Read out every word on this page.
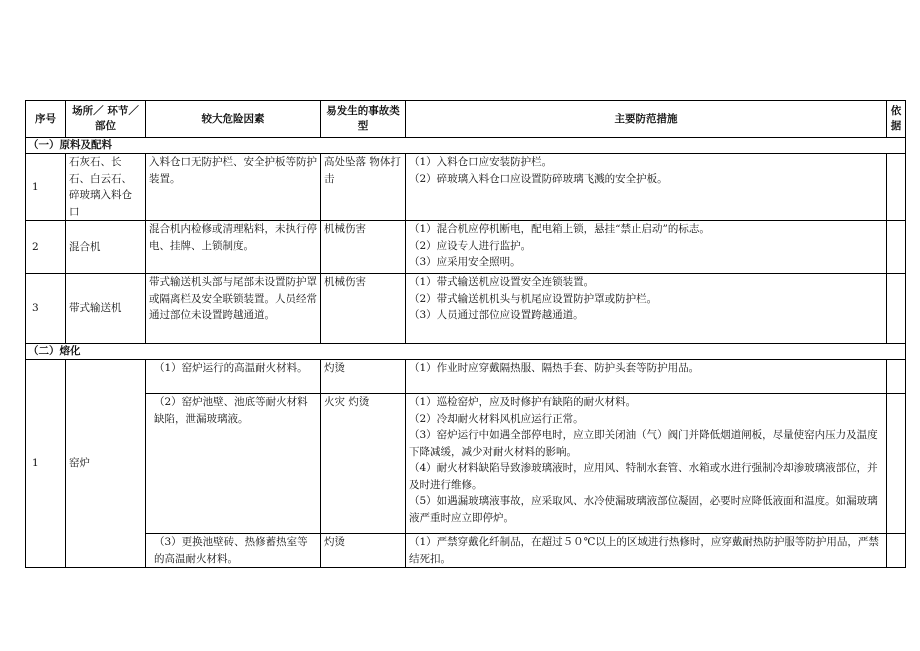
序号	场所／ 环节／ 部位	较大危险因素	易发生的事故类型	主要防范措施	依据
（一）原料及配料					
1	石灰石、长石、白云石、碎玻璃入料仓口	入料仓口无防护栏、安全护板等防护装置。	高处坠落 物体打击	（1）入料仓口应安装防护栏。
（2）碎玻璃入料仓口应设置防碎玻璃飞溅的安全护板。	

2	混合机	混合机内检修或清理粘料，未执行停电、挂牌、上锁制度。	机械伤害	（1）混合机应停机断电，配电箱上锁，悬挂“禁止启动”的标志。
（2）应设专人进行监护。
（3）应采用安全照明。	

3	带式输送机	带式输送机头部与尾部未设置防护罩或隔离栏及安全联锁装置。人员经常通过部位未设置跨越通道。	机械伤害	（1）带式输送机应设置安全连锁装置。
（2）带式输送机机头与机尾应设置防护罩或防护栏。
（3）人员通过部位应设置跨越通道。	

（二）熔化					
1	窑炉	（1）窑炉运行的高温耐火材料。	灼烫	（1）作业时应穿戴隔热服、隔热手套、防护头套等防护用品。	

		（2）窑炉池壁、池底等耐火材料缺陷，泄漏玻璃液。	火灾 灼烫	（1）巡检窑炉，应及时修护有缺陷的耐火材料。
（2）冷却耐火材料风机应运行正常。
（3）窑炉运行中如遇全部停电时，应立即关闭油（气）阀门并降低烟道闸板，尽量使窑内压力及温度下降减缓，减少对耐火材料的影响。
（4）耐火材料缺陷导致渗玻璃液时，应用风、特制水套管、水箱或水进行强制冷却渗玻璃液部位，并及时进行维修。
（5）如遇漏玻璃液事故，应采取风、水冷使漏玻璃液部位凝固，必要时应降低液面和温度。如漏玻璃液严重时应立即停炉。	

		（3）更换池壁砖、热修蓄热室等的高温耐火材料。	灼烫	（1）严禁穿戴化纤制品，在超过５０℃以上的区域进行热修时，应穿戴耐热防护服等防护用品，严禁结死扣。	
